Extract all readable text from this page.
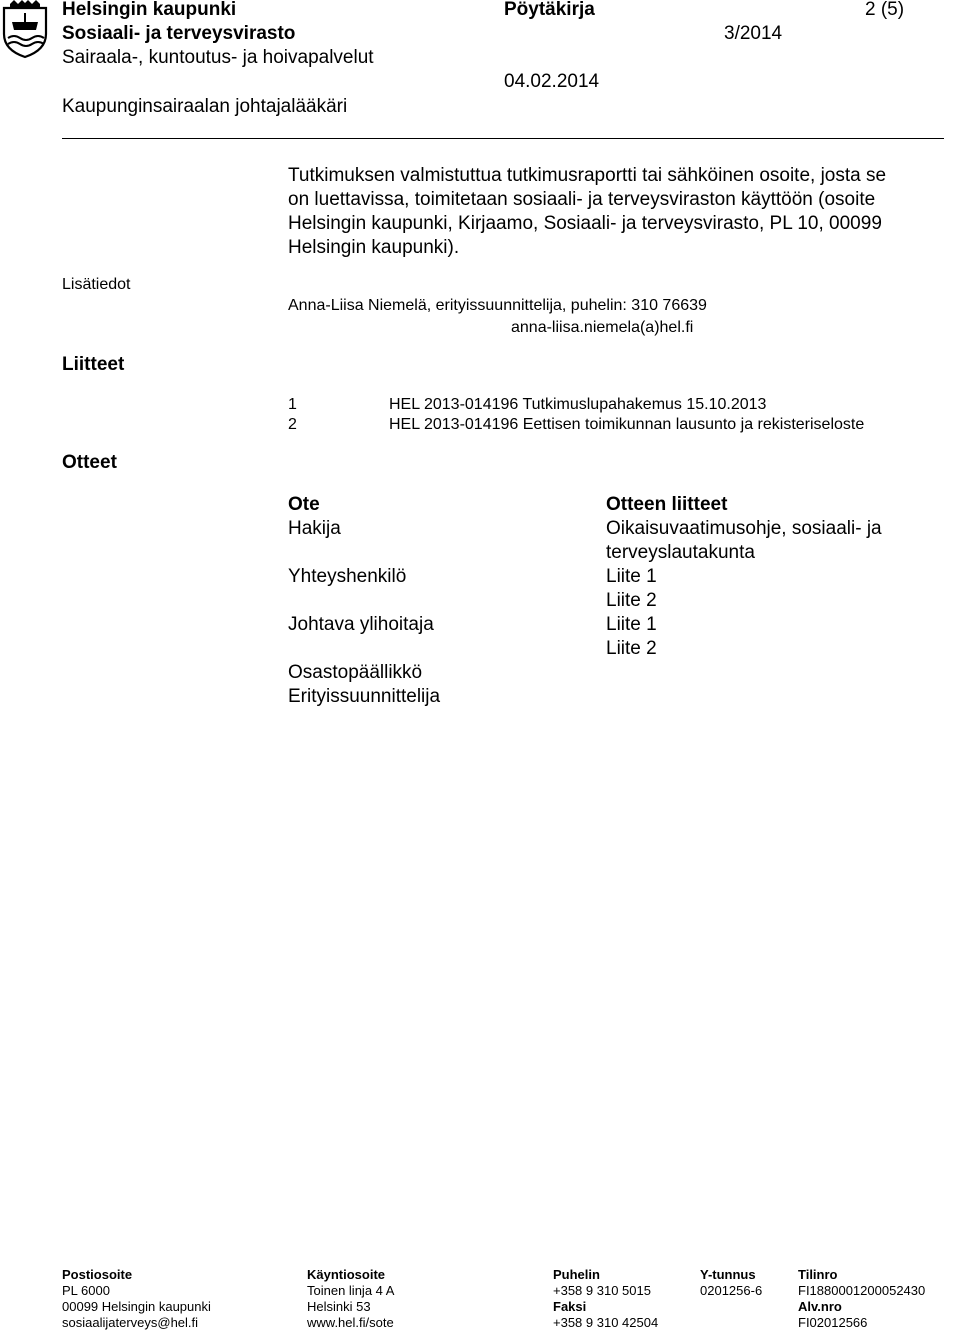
Helsingin kaupunki
Sosiaali- ja terveysvirasto
Sairaala-, kuntoutus- ja hoivapalvelut
Kaupunginsairaalan johtajalääkäri
Pöytäkirja
3/2014
04.02.2014
2 (5)
Tutkimuksen valmistuttua tutkimusraportti tai sähköinen osoite, josta se
on luettavissa, toimitetaan sosiaali- ja terveysviraston käyttöön (osoite
Helsingin kaupunki, Kirjaamo, Sosiaali- ja terveysvirasto, PL 10, 00099
Helsingin kaupunki).
Lisätiedot
Anna-Liisa Niemelä, erityissuunnittelija, puhelin: 310 76639
anna-liisa.niemela(a)hel.fi
Liitteet
1	HEL 2013-014196 Tutkimuslupahakemus 15.10.2013
2	HEL 2013-014196 Eettisen toimikunnan lausunto ja rekisteriseloste
Otteet
Ote	Otteen liitteet
Hakija	Oikaisuvaatimusohje, sosiaali- ja
terveyslautakunta
Yhteyshenkilö	Liite 1
Liite 2
Johtava ylihoitaja	Liite 1
Liite 2
Osastopäällikkö
Erityissuunnittelija
Postiosoite
PL 6000
00099 Helsingin kaupunki
sosiaalijaterveys@hel.fi
Käyntiosoite
Toinen linja 4 A
Helsinki 53
www.hel.fi/sote
Puhelin
+358 9 310 5015
Faksi
+358 9 310 42504
Y-tunnus
0201256-6
Tilinro
FI1880001200052430
Alv.nro
FI02012566
